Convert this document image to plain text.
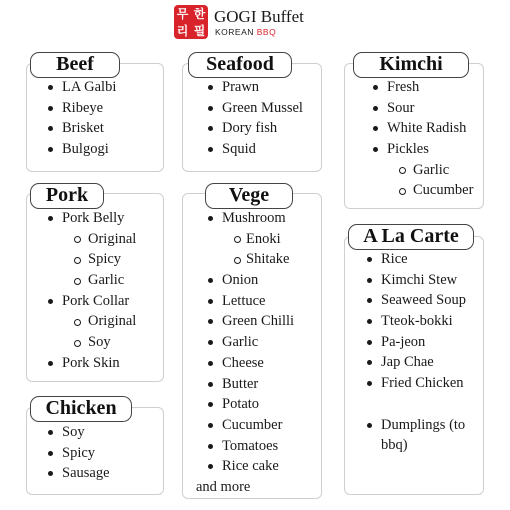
무 한
리 필
GOGI Buffet
KOREAN BBQ
Beef
LA Galbi
Ribeye
Brisket
Bulgogi
Seafood
Prawn
Green Mussel
Dory fish
Squid
Kimchi
Fresh
Sour
White Radish
Pickles
Garlic
Cucumber
Pork
Pork Belly
Original
Spicy
Garlic
Pork Collar
Original
Soy
Pork Skin
Vege
Mushroom
Enoki
Shitake
Onion
Lettuce
Green Chilli
Garlic
Cheese
Butter
Potato
Cucumber
Tomatoes
Rice cake
and more
A La Carte
Rice
Kimchi Stew
Seaweed Soup
Tteok-bokki
Pa-jeon
Jap Chae
Fried Chicken
Dumplings (to bbq)
Chicken
Soy
Spicy
Sausage
